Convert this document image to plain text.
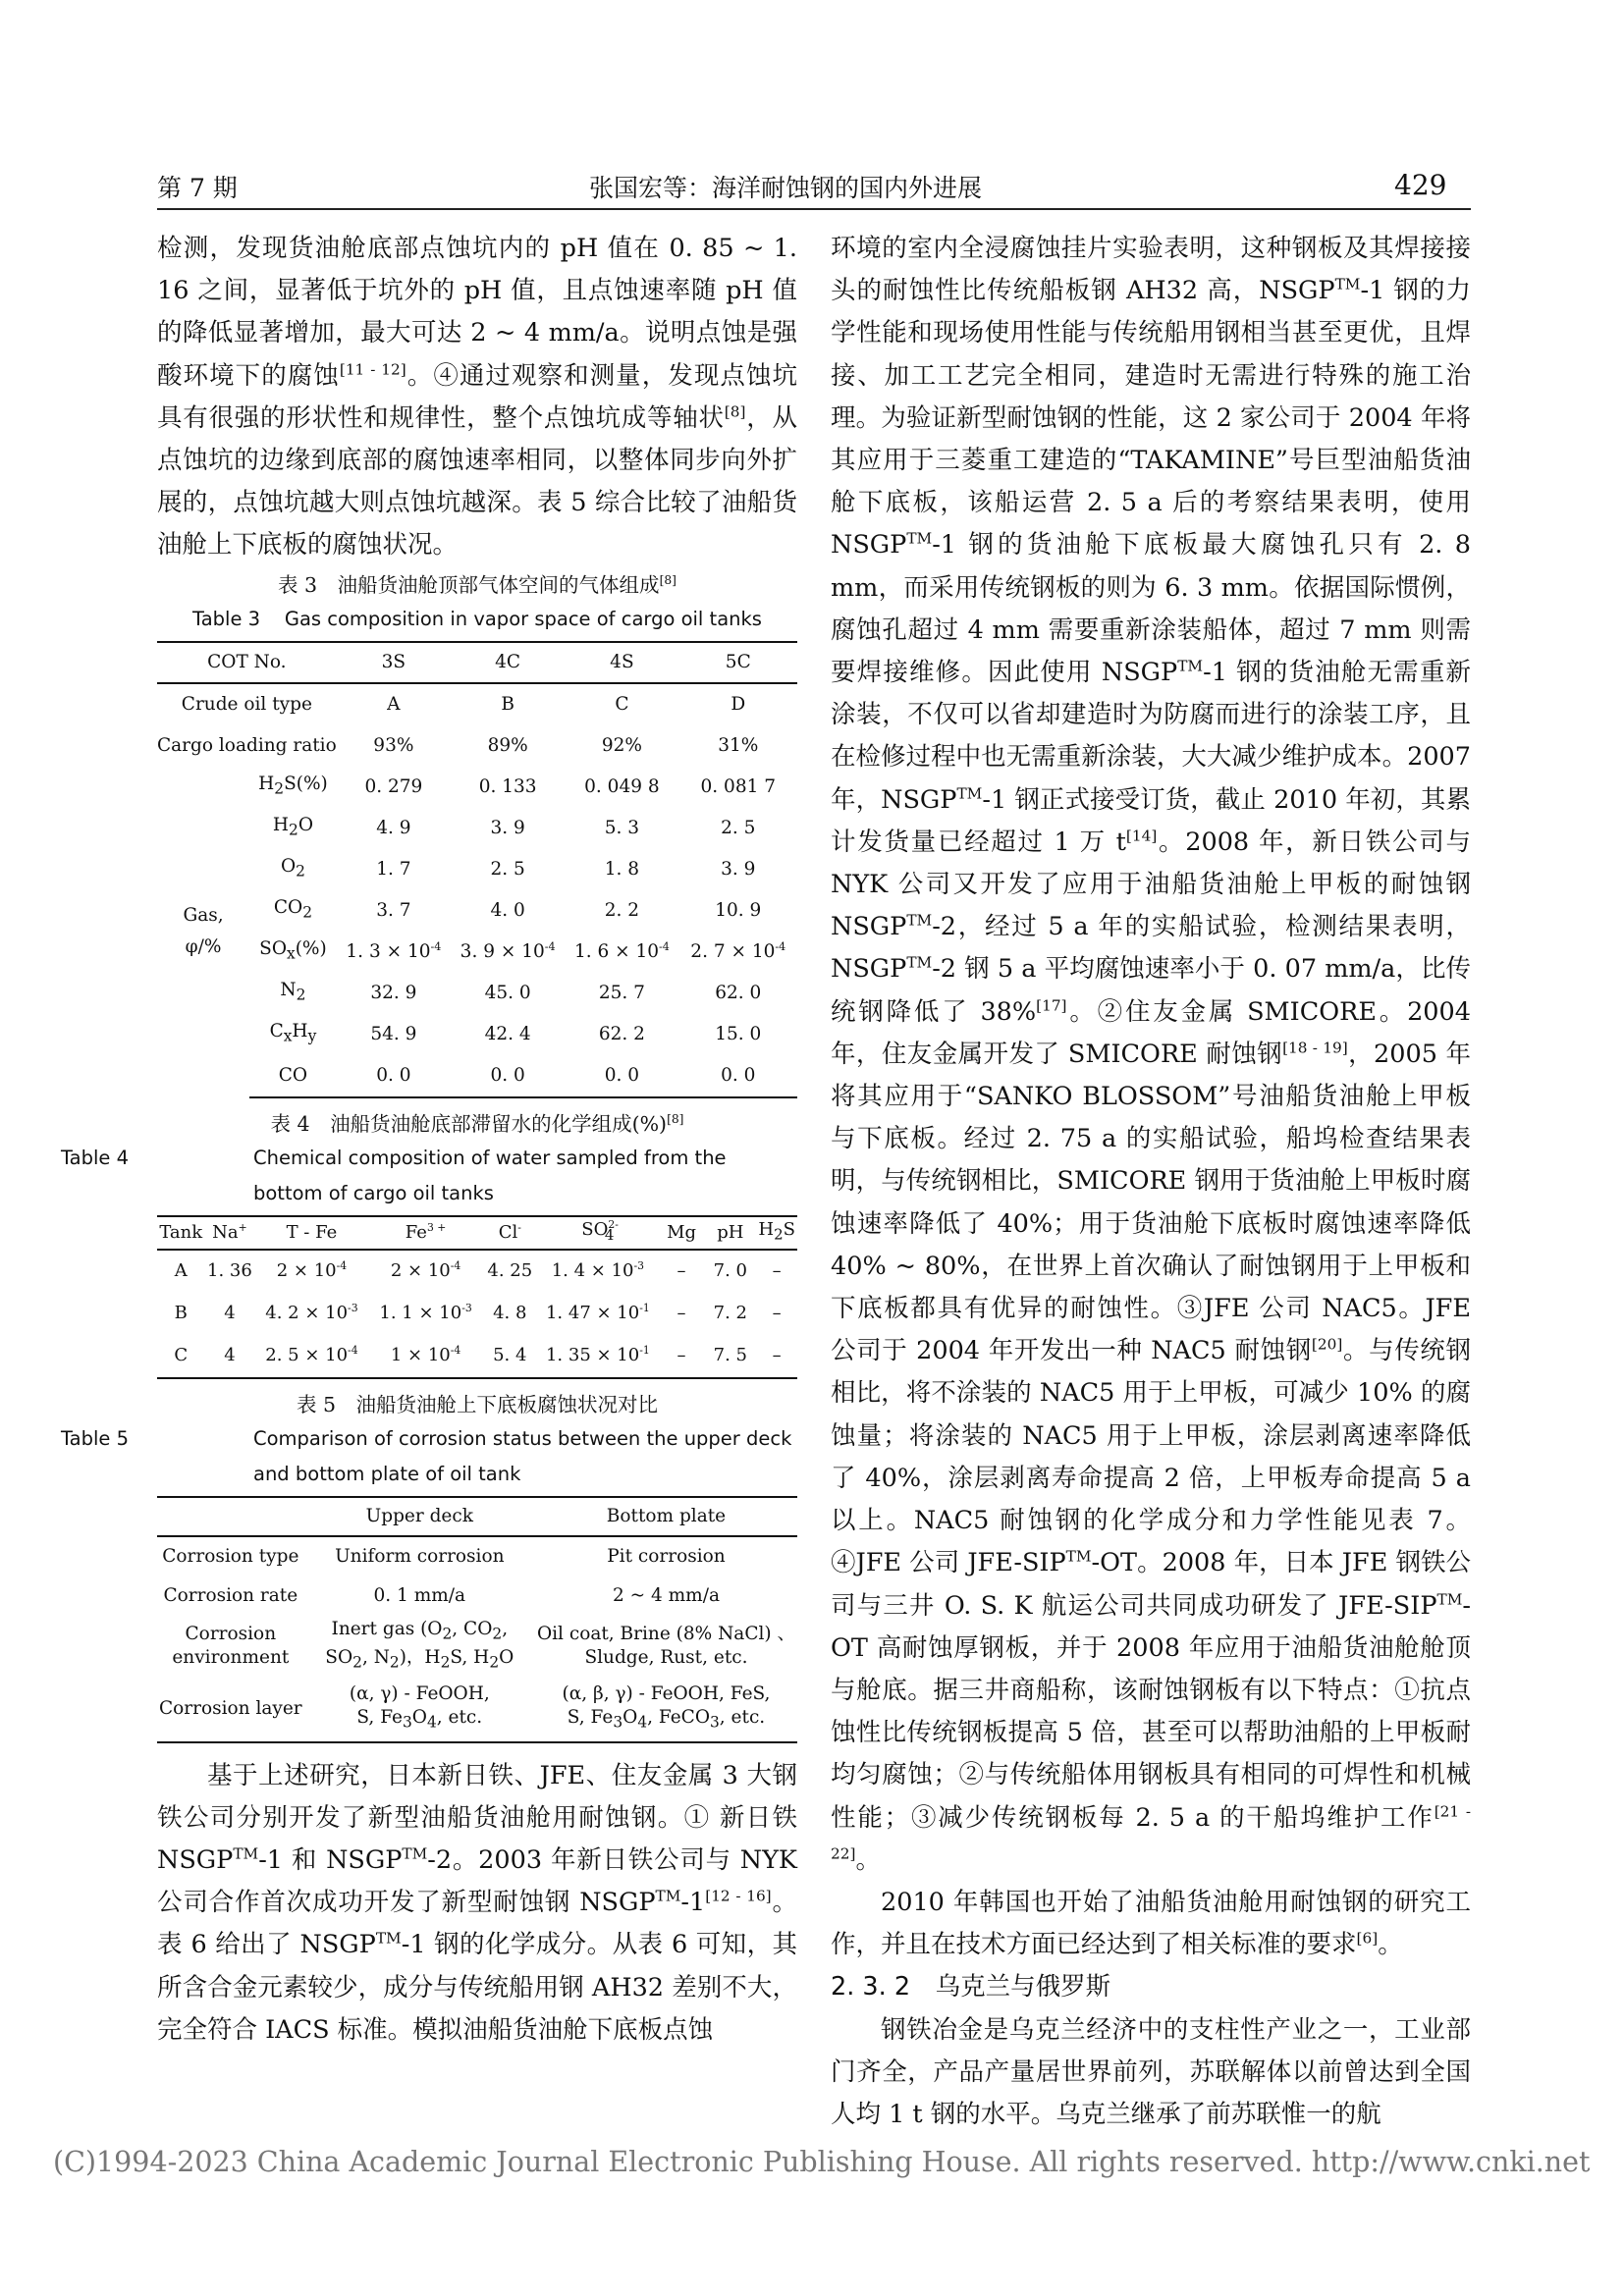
第 7 期	张国宏等：海洋耐蚀钢的国内外进展	429

检测，发现货油舱底部点蚀坑内的 pH 值在 0. 85 ~ 1. 16 之间，显著低于坑外的 pH 值，且点蚀速率随 pH 值的降低显著增加，最大可达 2 ~ 4 mm/a。说明点蚀是强酸环境下的腐蚀[11 - 12]。④通过观察和测量，发现点蚀坑具有很强的形状性和规律性，整个点蚀坑成等轴状[8]，从点蚀坑的边缘到底部的腐蚀速率相同，以整体同步向外扩展的，点蚀坑越大则点蚀坑越深。表 5 综合比较了油船货油舱上下底板的腐蚀状况。

表 3　油船货油舱顶部气体空间的气体组成[8]
Table 3 Gas composition in vapor space of cargo oil tanks
COT No.		3S	4C	4S	5C
Crude oil type		A	B	C	D
Cargo loading ratio		93%	89%	92%	31%
Gas,
φ/%	$H_2S(\%)$	0. 279	0. 133	0. 049 8	0. 081 7
	$H_2O$	4. 9	3. 9	5. 3	2. 5
	$O_2$	1. 7	2. 5	1. 8	3. 9
	$CO_2$	3. 7	4. 0	2. 2	10. 9
	$SO_x(\%)$	1. $3 \times 10^{-4}$	3. $9 \times 10^{-4}$	1. $6 \times 10^{-4}$	2. $7 \times 10^{-4}$
	$N_2$	32. 9	45. 0	25. 7	62. 0
	$C_xH_y$	54. 9	42. 4	62. 2	15. 0
	CO	0. 0	0. 0	0. 0	0. 0
表 4　油船货油舱底部滞留水的化学组成(%)[8]
Table 4	Chemical composition of water sampled from the bottom of cargo oil tanks
Tank	Na+	T - Fe	$Fe^{3 +}$	Cl-	$SO^{2-}_4$	Mg	pH	$H_2S$
A	1. 36	$2 \times 10^{-4}$	$2 \times 10^{-4}$	4. 25	1. $4 \times 10^{-3}$	–	7. 0	–
B	4	4. $2 \times 10^{-3}$	1. $1 \times 10^{-3}$	4. 8	1. $47 \times 10^{-1}$	–	7. 2	–
C	4	2. $5 \times 10^{-4}$	$1 \times 10^{-4}$	5. 4	1. $35 \times 10^{-1}$	–	7. 5	–
表 5　油船货油舱上下底板腐蚀状况对比
Table 5	Comparison of corrosion status between the upper deck and bottom plate of oil tank
	Upper deck	Bottom plate
Corrosion type	Uniform corrosion	Pit corrosion
Corrosion rate	0. 1 mm/a	2 ~ 4 mm/a
Corrosion
environment	Inert gas ($O_2$, $CO_2$,
$SO_2$, $N_2$)，$H_2S$, $H_2O$	Oil coat, Brine (8% NaCl) 、
Sludge, Rust, etc.
Corrosion layer	(α, γ) - FeOOH,
S, $Fe_3O_4$, etc.	(α, β, γ) - FeOOH, FeS,
S, $Fe_3O_4$, FeCO$_3$, etc.

基于上述研究，日本新日铁、JFE、住友金属 3 大钢铁公司分别开发了新型油船货油舱用耐蚀钢。① 新日铁 NSGP™-1 和 NSGP™-2。2003 年新日铁公司与 NYK 公司合作首次成功开发了新型耐蚀钢 NSGP™-1[12 - 16]。表 6 给出了 NSGP™-1 钢的化学成分。从表 6 可知，其所含合金元素较少，成分与传统船用钢 AH32 差别不大，完全符合 IACS 标准。模拟油船货油舱下底板点蚀

环境的室内全浸腐蚀挂片实验表明，这种钢板及其焊接接头的耐蚀性比传统船板钢 AH32 高，NSGP™-1 钢的力学性能和现场使用性能与传统船用钢相当甚至更优，且焊接、加工工艺完全相同，建造时无需进行特殊的施工治理。为验证新型耐蚀钢的性能，这 2 家公司于 2004 年将其应用于三菱重工建造的“TAKAMINE”号巨型油船货油舱下底板，该船运营 2. 5 a 后的考察结果表明，使用 NSGP™-1 钢的货油舱下底板最大腐蚀孔只有 2. 8 mm，而采用传统钢板的则为 6. 3 mm。依据国际惯例，腐蚀孔超过 4 mm 需要重新涂装船体，超过 7 mm 则需要焊接维修。因此使用 NSGP™-1 钢的货油舱无需重新涂装，不仅可以省却建造时为防腐而进行的涂装工序，且在检修过程中也无需重新涂装，大大减少维护成本。2007 年，NSGP™-1 钢正式接受订货，截止 2010 年初，其累计发货量已经超过 1 万 t[14]。2008 年，新日铁公司与 NYK 公司又开发了应用于油船货油舱上甲板的耐蚀钢 NSGP™-2，经过 5 a 年的实船试验，检测结果表明，NSGP™-2 钢 5 a 平均腐蚀速率小于 0. 07 mm/a，比传统钢降低了 38%[17]。②住友金属 SMICORE。2004 年，住友金属开发了 SMICORE 耐蚀钢[18 - 19]，2005 年将其应用于“SANKO BLOSSOM”号油船货油舱上甲板与下底板。经过 2. 75 a 的实船试验，船坞检查结果表明，与传统钢相比，SMICORE 钢用于货油舱上甲板时腐蚀速率降低了 40%；用于货油舱下底板时腐蚀速率降低 40% ~ 80%，在世界上首次确认了耐蚀钢用于上甲板和下底板都具有优异的耐蚀性。③JFE 公司 NAC5。JFE 公司于 2004 年开发出一种 NAC5 耐蚀钢[20]。与传统钢相比，将不涂装的 NAC5 用于上甲板，可减少 10% 的腐蚀量；将涂装的 NAC5 用于上甲板，涂层剥离速率降低了 40%，涂层剥离寿命提高 2 倍，上甲板寿命提高 5 a 以上。NAC5 耐蚀钢的化学成分和力学性能见表 7。④JFE 公司 JFE-SIP™-OT。2008 年，日本 JFE 钢铁公司与三井 O. S. K 航运公司共同成功研发了 JFE-SIP™-OT 高耐蚀厚钢板，并于 2008 年应用于油船货油舱舱顶与舱底。据三井商船称，该耐蚀钢板有以下特点：①抗点蚀性比传统钢板提高 5 倍，甚至可以帮助油船的上甲板耐均匀腐蚀；②与传统船体用钢板具有相同的可焊性和机械性能；③减少传统钢板每 2. 5 a 的干船坞维护工作[21 - 22]。

2010 年韩国也开始了油船货油舱用耐蚀钢的研究工作，并且在技术方面已经达到了相关标准的要求[6]。

2. 3. 2　 乌克兰与俄罗斯

钢铁冶金是乌克兰经济中的支柱性产业之一，工业部门齐全，产品产量居世界前列，苏联解体以前曾达到全国人均 1 t 钢的水平。乌克兰继承了前苏联惟一的航

(C)1994-2023 China Academic Journal Electronic Publishing House. All rights reserved. http://www.cnki.net
